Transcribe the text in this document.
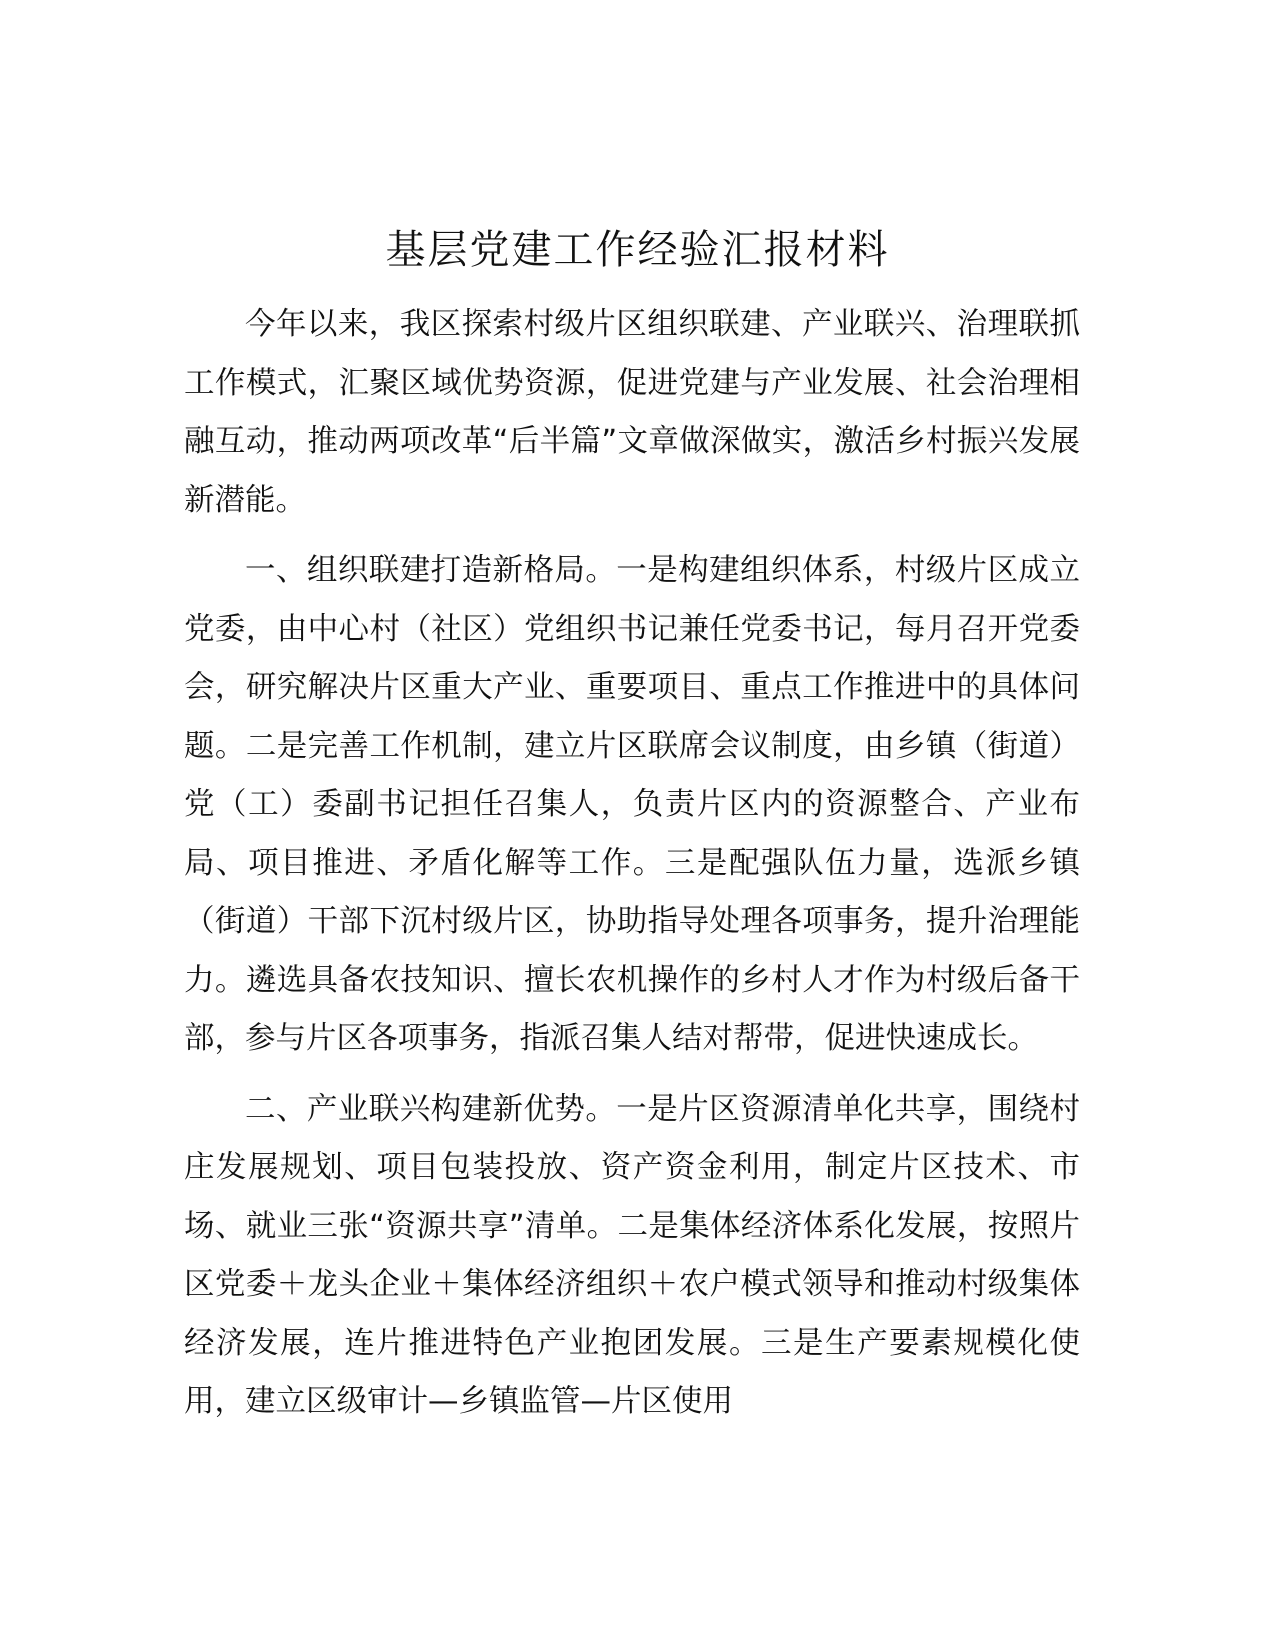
基层党建工作经验汇报材料

今年以来，我区探索村级片区组织联建、产业联兴、治理联抓工作模式，汇聚区域优势资源，促进党建与产业发展、社会治理相融互动，推动两项改革“后半篇”文章做深做实，激活乡村振兴发展新潜能。

一、组织联建打造新格局。一是构建组织体系，村级片区成立党委，由中心村（社区）党组织书记兼任党委书记，每月召开党委会，研究解决片区重大产业、重要项目、重点工作推进中的具体问题。二是完善工作机制，建立片区联席会议制度，由乡镇（街道）党（工）委副书记担任召集人，负责片区内的资源整合、产业布局、项目推进、矛盾化解等工作。三是配强队伍力量，选派乡镇（街道）干部下沉村级片区，协助指导处理各项事务，提升治理能力。遴选具备农技知识、擅长农机操作的乡村人才作为村级后备干部，参与片区各项事务，指派召集人结对帮带，促进快速成长。

二、产业联兴构建新优势。一是片区资源清单化共享，围绕村庄发展规划、项目包装投放、资产资金利用，制定片区技术、市场、就业三张“资源共享”清单。二是集体经济体系化发展，按照片区党委＋龙头企业＋集体经济组织＋农户模式领导和推动村级集体经济发展，连片推进特色产业抱团发展。三是生产要素规模化使用，建立区级审计—乡镇监管—片区使用
